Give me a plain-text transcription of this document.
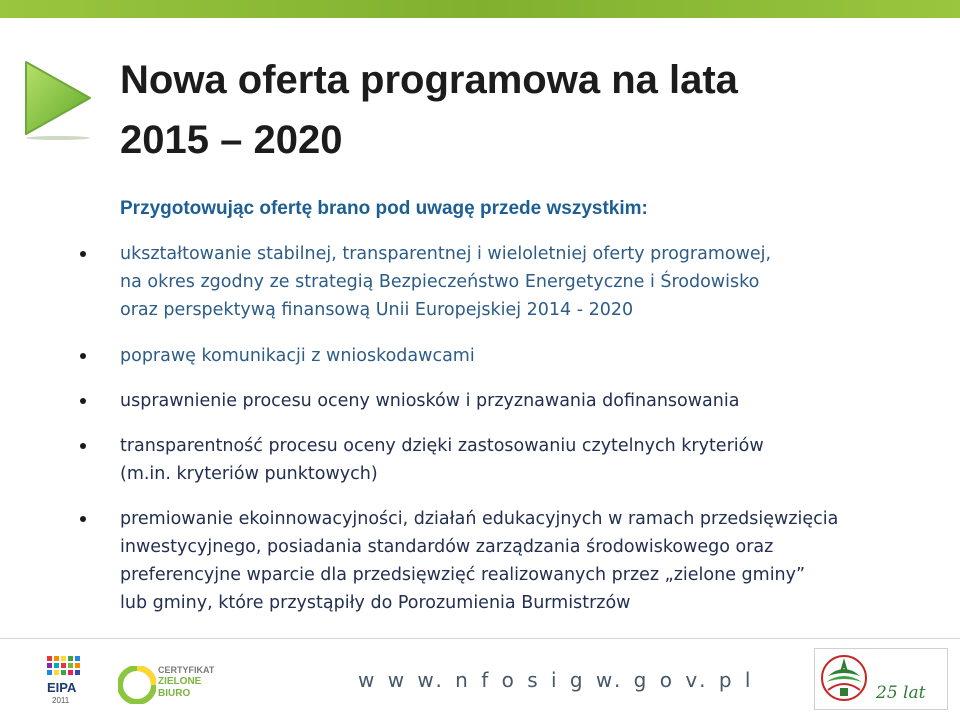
Nowa oferta programowa na lata
2015 – 2020

Przygotowując ofertę brano pod uwagę przede wszystkim:

ukształtowanie stabilnej, transparentnej i wieloletniej oferty programowej,
na okres zgodny ze strategią Bezpieczeństwo Energetyczne i Środowisko
oraz perspektywą finansową Unii Europejskiej 2014 - 2020
poprawę komunikacji z wnioskodawcami
usprawnienie procesu oceny wniosków i przyznawania dofinansowania
transparentność procesu oceny dzięki zastosowaniu czytelnych kryteriów
(m.in. kryteriów punktowych)
premiowanie ekoinnowacyjności, działań edukacyjnych w ramach przedsięwzięcia
inwestycyjnego, posiadania standardów zarządzania środowiskowego oraz
preferencyjne wparcie dla przedsięwzięć realizowanych przez „zielone gminy”
lub gminy, które przystąpiły do Porozumienia Burmistrzów
EIPA
2011
CERTYFIKAT
ZIELONE
BIURO
w w w. n f o s i g w. g o v. p l
25 lat
